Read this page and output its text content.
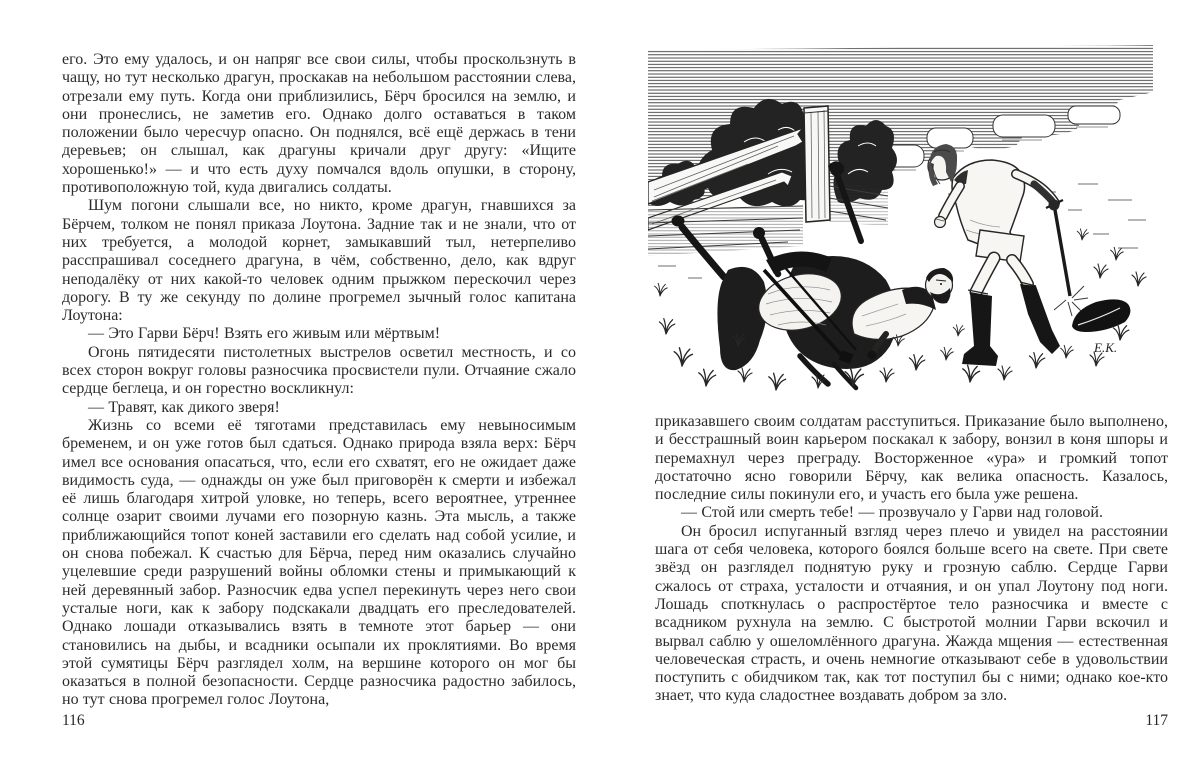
его. Это ему удалось, и он напряг все свои силы, чтобы проскользнуть в чащу, но тут несколько драгун, проскакав на небольшом расстоянии слева, отрезали ему путь. Когда они приблизились, Бёрч бросился на землю, и они пронеслись, не заметив его. Однако долго оставаться в таком положении было чересчур опасно. Он поднялся, всё ещё держась в тени деревьев; он слышал, как драгуны кричали друг другу: «Ищите хорошенько!» — и что есть духу помчался вдоль опушки, в сторону, противоположную той, куда двигались солдаты.

Шум погони слышали все, но никто, кроме драгун, гнавшихся за Бёрчем, толком не понял приказа Лоутона. Задние так и не знали, что от них требуется, а молодой корнет, замыкавший тыл, нетерпеливо расспрашивал соседнего драгуна, в чём, собственно, дело, как вдруг неподалёку от них какой-то человек одним прыжком перескочил через дорогу. В ту же секунду по долине прогремел зычный голос капитана Лоутона:

— Это Гарви Бёрч! Взять его живым или мёртвым!

Огонь пятидесяти пистолетных выстрелов осветил местность, и со всех сторон вокруг головы разносчика просвистели пули. Отчаяние сжало сердце беглеца, и он горестно воскликнул:

— Травят, как дикого зверя!

Жизнь со всеми её тяготами представилась ему невыносимым бременем, и он уже готов был сдаться. Однако природа взяла верх: Бёрч имел все основания опасаться, что, если его схватят, его не ожидает даже видимость суда, — однажды он уже был приговорён к смерти и избежал её лишь благодаря хитрой уловке, но теперь, всего вероятнее, утреннее солнце озарит своими лучами его позорную казнь. Эта мысль, а также приближающийся топот коней заставили его сделать над собой усилие, и он снова побежал. К счастью для Бёрча, перед ним оказались случайно уцелевшие среди разрушений войны обломки стены и примыкающий к ней деревянный забор. Разносчик едва успел перекинуть через него свои усталые ноги, как к забору подскакали двадцать его преследователей. Однако лошади отказывались взять в темноте этот барьер — они становились на дыбы, и всадники осыпали их проклятиями. Во время этой сумятицы Бёрч разглядел холм, на вершине которого он мог бы оказаться в полной безопасности. Сердце разносчика радостно забилось, но тут снова прогремел голос Лоутона,

116
Е.К.

приказавшего своим солдатам расступиться. Приказание было выполнено, и бесстрашный воин карьером поскакал к забору, вонзил в коня шпоры и перемахнул через преграду. Восторженное «ура» и громкий топот достаточно ясно говорили Бёрчу, как велика опасность. Казалось, последние силы покинули его, и участь его была уже решена.

— Стой или смерть тебе! — прозвучало у Гарви над головой.

Он бросил испуганный взгляд через плечо и увидел на расстоянии шага от себя человека, которого боялся больше всего на свете. При свете звёзд он разглядел поднятую руку и грозную саблю. Сердце Гарви сжалось от страха, усталости и отчаяния, и он упал Лоутону под ноги. Лошадь споткнулась о распростёртое тело разносчика и вместе с всадником рухнула на землю. С быстротой молнии Гарви вскочил и вырвал саблю у ошеломлённого драгуна. Жажда мщения — естественная человеческая страсть, и очень немногие отказывают себе в удовольствии поступить с обидчиком так, как тот поступил бы с ними; однако кое-кто знает, что куда сладостнее воздавать добром за зло.

117
